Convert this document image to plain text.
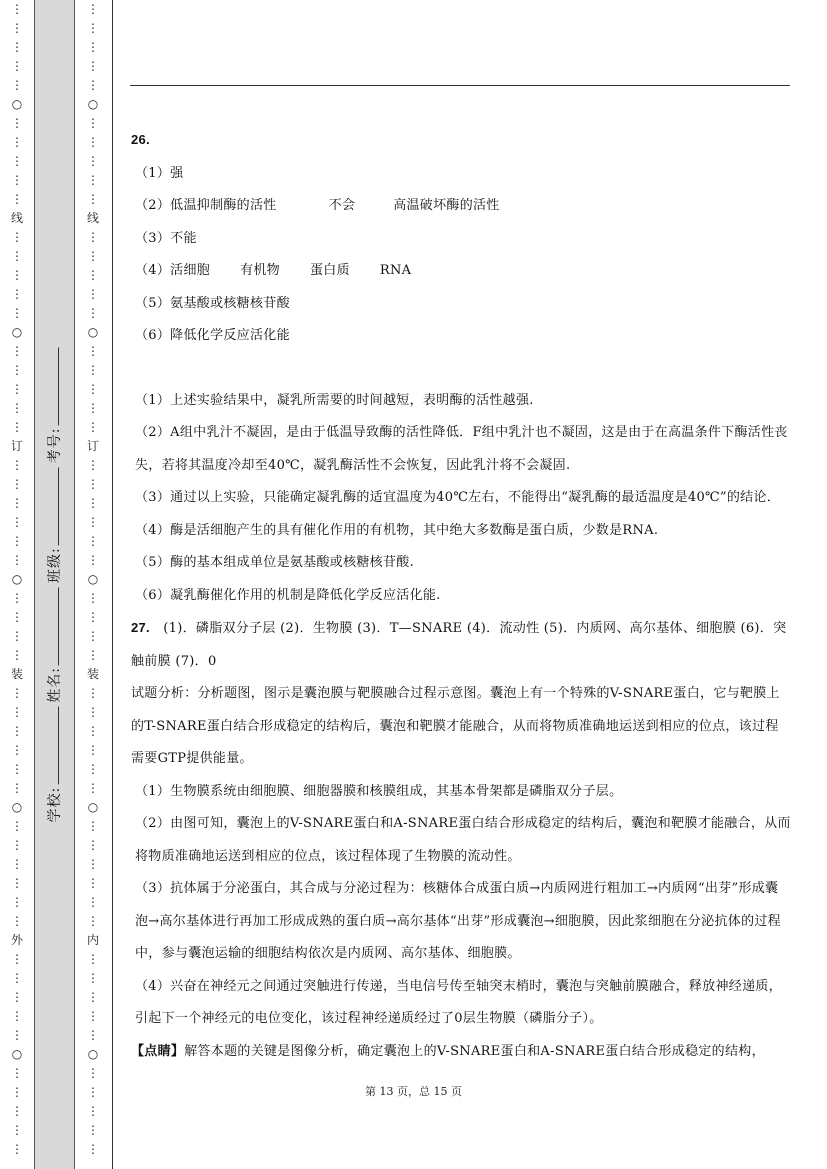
⋮
⋮
⋮
⋮
⋮
○
⋮
⋮
⋮
⋮
⋮
线
⋮
⋮
⋮
⋮
⋮
○
⋮
⋮
⋮
⋮
⋮
订
⋮
⋮
⋮
⋮
⋮
⋮
○
⋮
⋮
⋮
⋮
装
⋮
⋮
⋮
⋮
⋮
⋮
○
⋮
⋮
⋮
⋮
⋮
⋮
外
⋮
⋮
⋮
⋮
⋮
○
⋮
⋮
⋮
⋮
⋮
学校:
姓名:
班级:
考号:
⋮
⋮
⋮
⋮
⋮
○
⋮
⋮
⋮
⋮
⋮
线
⋮
⋮
⋮
⋮
⋮
○
⋮
⋮
⋮
⋮
⋮
订
⋮
⋮
⋮
⋮
⋮
⋮
○
⋮
⋮
⋮
⋮
装
⋮
⋮
⋮
⋮
⋮
⋮
○
⋮
⋮
⋮
⋮
⋮
⋮
内
⋮
⋮
⋮
⋮
⋮
○
⋮
⋮
⋮
⋮
⋮

26.

（1）强

（2）低温抑制酶的活性	不会	高温破坏酶的活性

（3）不能

（4）活细胞 有机物 蛋白质 RNA

（5）氨基酸或核糖核苷酸

（6）降低化学反应活化能

（1）上述实验结果中，凝乳所需要的时间越短，表明酶的活性越强.

（2）A组中乳汁不凝固，是由于低温导致酶的活性降低．F组中乳汁也不凝固，这是由于在高温条件下酶活性丧失，若将其温度冷却至40℃，凝乳酶活性不会恢复，因此乳汁将不会凝固.

（3）通过以上实验，只能确定凝乳酶的适宜温度为40℃左右，不能得出“凝乳酶的最适温度是40℃”的结论．（4）酶是活细胞产生的具有催化作用的有机物，其中绝大多数酶是蛋白质，少数是RNA.

（5）酶的基本组成单位是氨基酸或核糖核苷酸.

（6）凝乳酶催化作用的机制是降低化学反应活化能.

27. (1)．磷脂双分子层 (2)．生物膜 (3)．T—SNARE (4)．流动性 (5)．内质网、高尔基体、细胞膜 (6)．突触前膜 (7)．0

试题分析：分析题图，图示是囊泡膜与靶膜融合过程示意图。囊泡上有一个特殊的V-SNARE蛋白，它与靶膜上的T-SNARE蛋白结合形成稳定的结构后，囊泡和靶膜才能融合，从而将物质准确地运送到相应的位点，该过程需要GTP提供能量。

（1）生物膜系统由细胞膜、细胞器膜和核膜组成，其基本骨架都是磷脂双分子层。

（2）由图可知，囊泡上的V-SNARE蛋白和A-SNARE蛋白结合形成稳定的结构后，囊泡和靶膜才能融合，从而将物质准确地运送到相应的位点，该过程体现了生物膜的流动性。

（3）抗体属于分泌蛋白，其合成与分泌过程为：核糖体合成蛋白质→内质网进行粗加工→内质网“出芽”形成囊泡→高尔基体进行再加工形成成熟的蛋白质→高尔基体“出芽”形成囊泡→细胞膜，因此浆细胞在分泌抗体的过程中，参与囊泡运输的细胞结构依次是内质网、高尔基体、细胞膜。

（4）兴奋在神经元之间通过突触进行传递，当电信号传至轴突末梢时，囊泡与突触前膜融合，释放神经递质，引起下一个神经元的电位变化，该过程神经递质经过了0层生物膜（磷脂分子）。

【点睛】解答本题的关键是图像分析，确定囊泡上的V-SNARE蛋白和A-SNARE蛋白结合形成稳定的结构，

第 13 页，总 15 页
